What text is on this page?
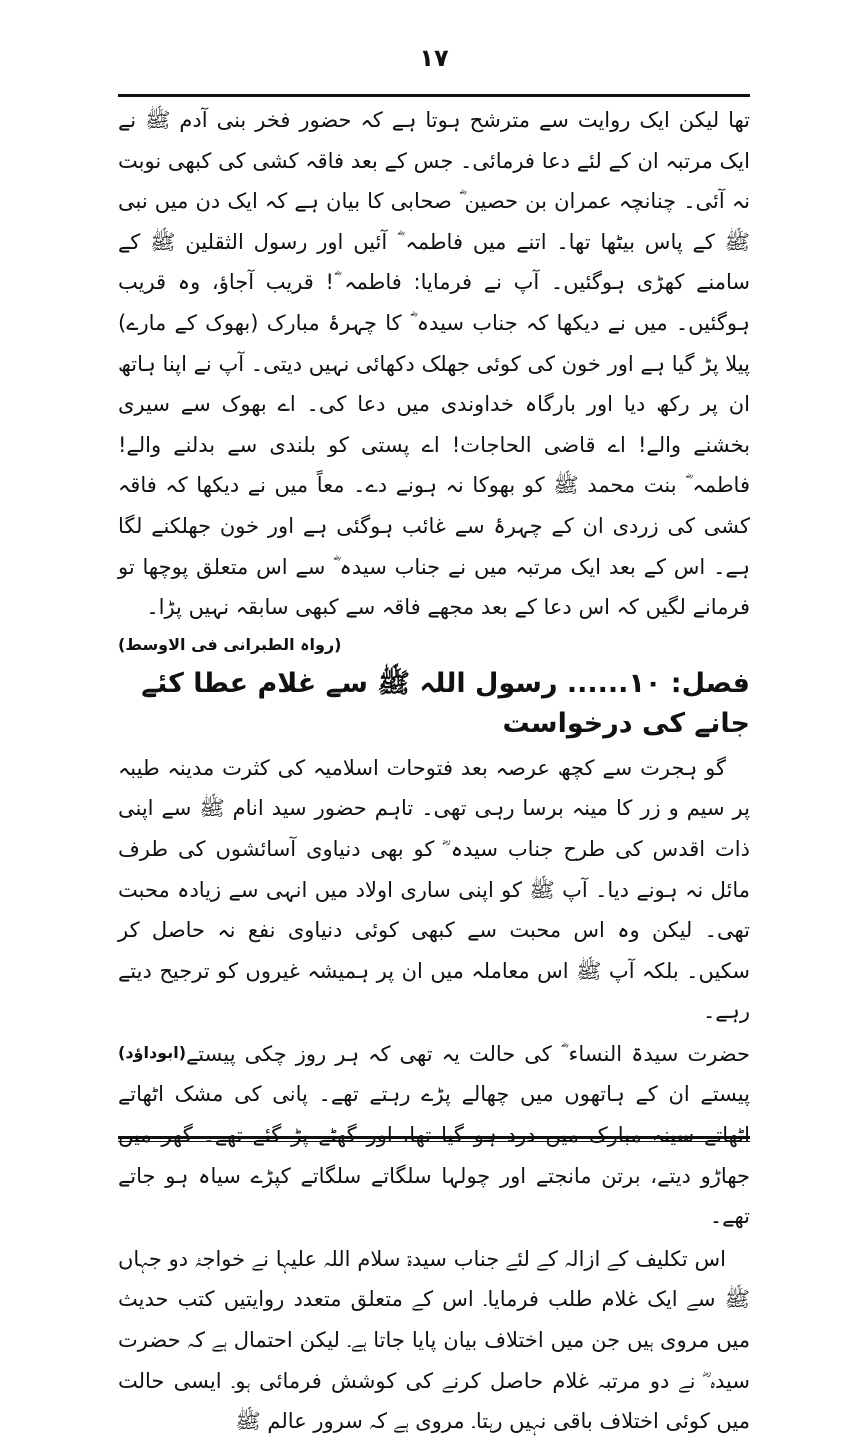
۱۷

تھا لیکن ایک روایت سے مترشح ہوتا ہے کہ حضور فخر بنی آدم ﷺ نے ایک مرتبہ ان کے لئے دعا فرمائی۔ جس کے بعد فاقہ کشی کی کبھی نوبت نہ آئی۔ چنانچہ عمران بن حصین ؓ صحابی کا بیان ہے کہ ایک دن میں نبی ﷺ کے پاس بیٹھا تھا۔ اتنے میں فاطمہ ؓ آئیں اور رسول الثقلین ﷺ کے سامنے کھڑی ہوگئیں۔ آپ نے فرمایا: فاطمہ ؓ! قریب آجاؤ، وہ قریب ہوگئیں۔ میں نے دیکھا کہ جناب سیدہ ؓ کا چہرۂ مبارک (بھوک کے مارے) پیلا پڑ گیا ہے اور خون کی کوئی جھلک دکھائی نہیں دیتی۔ آپ نے اپنا ہاتھ ان پر رکھ دیا اور بارگاہ خداوندی میں دعا کی۔ اے بھوک سے سیری بخشنے والے! اے قاضی الحاجات! اے پستی کو بلندی سے بدلنے والے! فاطمہ ؓ بنت محمد ﷺ کو بھوکا نہ ہونے دے۔ معاً میں نے دیکھا کہ فاقہ کشی کی زردی ان کے چہرۂ سے غائب ہوگئی ہے اور خون جھلکنے لگا ہے۔ اس کے بعد ایک مرتبہ میں نے جناب سیدہ ؓ سے اس متعلق پوچھا تو فرمانے لگیں کہ اس دعا کے بعد مجھے فاقہ سے کبھی سابقہ نہیں پڑا۔

(رواہ الطبرانی فی الاوسط)

فصل: ۱۰...... رسول اللہ ﷺ سے غلام عطا کئے جانے کی درخواست

گو ہجرت سے کچھ عرصہ بعد فتوحات اسلامیہ کی کثرت مدینہ طیبہ پر سیم و زر کا مینہ برسا رہی تھی۔ تاہم حضور سید انام ﷺ سے اپنی ذات اقدس کی طرح جناب سیدہ ؓ کو بھی دنیاوی آسائشوں کی طرف مائل نہ ہونے دیا۔ آپ ﷺ کو اپنی ساری اولاد میں انہی سے زیادہ محبت تھی۔ لیکن وہ اس محبت سے کبھی کوئی دنیاوی نفع نہ حاصل کر سکیں۔ بلکہ آپ ﷺ اس معاملہ میں ان پر ہمیشہ غیروں کو ترجیح دیتے رہے۔

(ابوداؤد)	حضرت سیدۃ النساء ؓ کی حالت یہ تھی کہ ہر روز چکی پیستے پیستے ان کے ہاتھوں میں چھالے پڑے رہتے تھے۔ پانی کی مشک اٹھاتے جھاڑو دیتے، برتن مانجتے اور چولہا سلگاتے سلگاتے کپڑے سیاہ ہو جاتے تھے۔

اس تکلیف کے ازالہ کے لئے جناب سیدۃ سلام اللہ علیہا نے خواجۂ دو جہاں ﷺ سے ایک غلام طلب فرمایا۔ اس کے متعلق متعدد روایتیں کتب حدیث میں مروی ہیں جن میں اختلاف بیان پایا جاتا ہے۔ لیکن احتمال ہے کہ حضرت سیدہ ؓ نے دو مرتبہ غلام حاصل کرنے کی کوشش فرمائی ہو۔ ایسی حالت میں کوئی اختلاف باقی نہیں رہتا۔ مروی ہے کہ سرور عالم ﷺ
